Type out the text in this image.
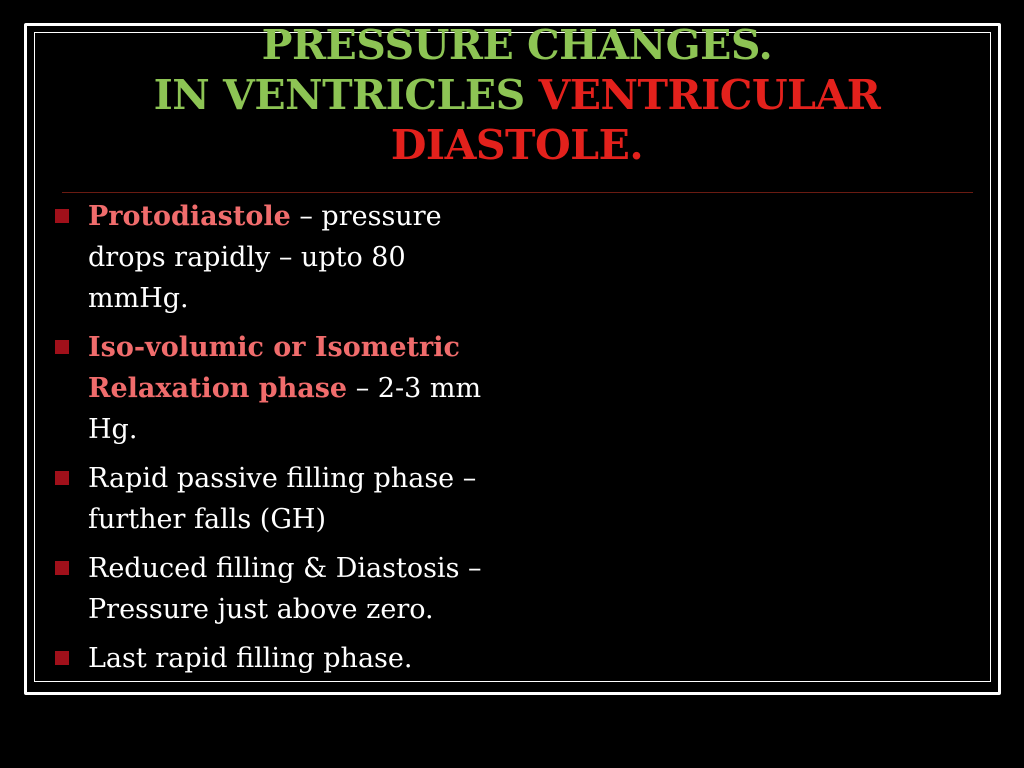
PRESSURE CHANGES.
IN VENTRICLES VENTRICULAR
DIASTOLE.
Protodiastole – pressure drops rapidly – upto 80 mmHg.
Iso-volumic or Isometric Relaxation phase – 2-3 mm Hg.
Rapid passive filling phase – further falls (GH)
Reduced filling & Diastosis – Pressure just above zero.
Last rapid filling phase.
